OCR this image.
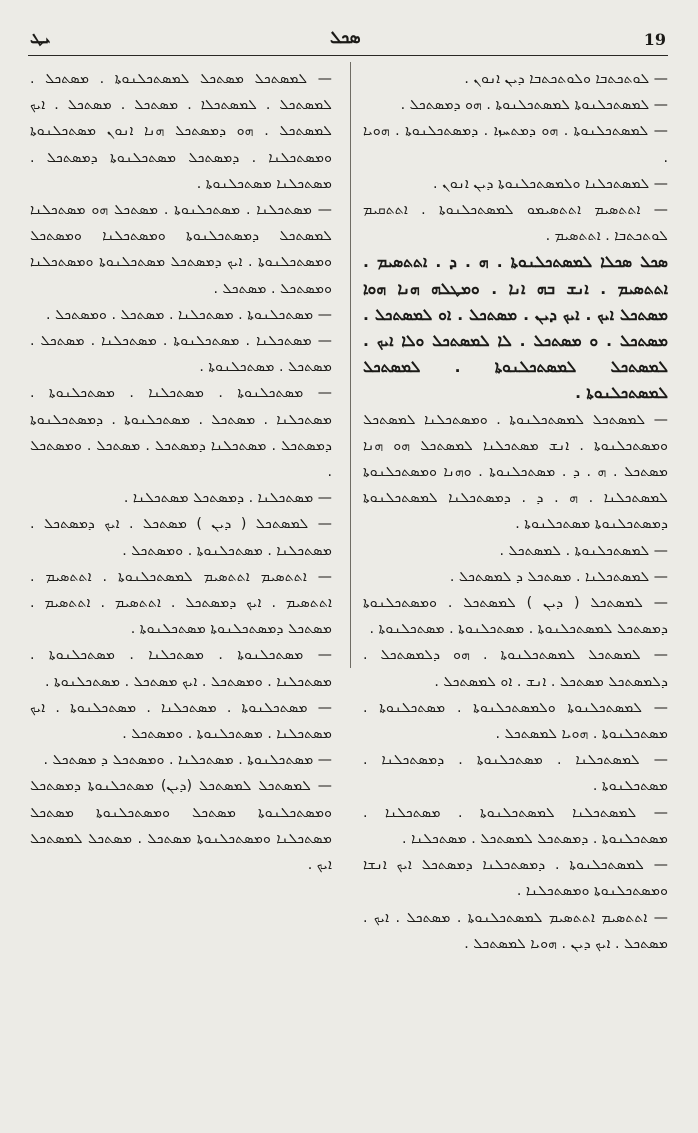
ܝܛ	ܣܟܠ	19

— ܠܘܬܟܬܒܐ ܘܠܘܬܟܬܒܐ ܕܝܢ ܐܢܘܢ .

— ܠܡܣܬܟܠܢܘܬܐ ܠܡܣܬܟܠܢܘܬܐ . ܗܘ ܕܡܣܬܟܠ .

— ܠܡܣܬܟܠܢܘܬܐ . ܗܘ ܕܡܬܚܙܐ . ܕܡܣܬܟܠܢܘܬܐ . ܗܘܝܐ .

— ܠܡܣܬܟܠܢܐ ܘܠܡܣܬܟܠܢܘܬܐ ܕܝܢ ܐܢܘܢ .

— ܐܬܬܣܝܡ ܐܬܬܣܝܡܘ ܠܡܣܬܟܠܢܘܬܐ . ܐܬܬܩܝܡ ܠܘܬܟܬܒܐ . ܐܬܬܣܝܡ .

ܣܟܠ ܣܟܠܐ ܠܡܣܬܟܠܢܘܬܐ . ܗ . ܕ . ܐܬܬܣܝܡ . ܐܬܬܣܝܡ . ܐܢܫ ܒܗ ܐܢܐ . ܘܡܛܠܗ ܗܢܐ ܗܘܐ ܡܣܬܟܠ ܐܝܟ . ܐܝܟ ܕܝܢ . ܡܣܬܟܠ . ܐܘ ܠܡܣܬܟܠ . ܡܣܬܟܠ . ܘ ܡܣܬܟܠ . ܠܐ ܠܡܣܬܟܠ ܘܠܐ ܐܝܟ . ܠܡܣܬܟܠ ܠܡܣܬܟܠܢܘܬܐ . ܠܡܣܬܟܠ ܠܡܣܬܟܠܢܘܬܐ .

— ܠܡܣܬܟܠ ܠܡܣܬܟܠܢܘܬܐ . ܘܡܣܬܟܠܢܐ ܠܡܣܬܟܠ ܘܡܣܬܟܠܢܘܬܐ . ܐܢܫ ܡܣܬܟܠܢܐ ܠܡܣܬܟܠ ܗܘ ܗܢܐ ܡܣܬܟܠ . ܗ . ܕ . ܡܣܬܟܠܢܘܬܐ . ܘܗܢܐ ܘܡܣܬܟܠܢܘܬܐ ܠܡܣܬܟܠܢܐ . ܗ . ܕ . ܕܡܣܬܟܠܢܐ ܠܡܣܬܟܠܢܘܬܐ ܕܡܣܬܟܠܢܘܬܐ ܡܣܬܟܠܢܘܬܐ .

— ܠܡܣܬܟܠܢܘܬܐ . ܠܡܣܬܟܠ .

— ܠܡܣܬܟܠܢܐ . ܡܣܬܟܠ ܕ ܠܡܣܬܟܠ .

— ܠܡܣܬܟܠ ( ܕܝܢ ) ܠܡܣܬܟܠ . ܘܡܣܬܟܠܢܘܬܐ ܕܡܣܬܟܠ ܠܡܣܬܟܠܢܘܬܐ . ܡܣܬܟܠܢܘܬܐ . ܡܣܬܟܠܢܘܬܐ .

— ܠܡܣܬܟܠ ܠܡܣܬܟܠܢܘܬܐ . ܗܘ ܕܠܡܣܬܟܠ . ܕܠܡܣܬܟܠ ܡܣܬܟܠ . ܐܢܫ . ܐܘ ܠܡܣܬܟܠ .

— ܠܡܣܬܟܠܢܘܬܐ ܘܠܡܣܬܟܠܢܘܬܐ . ܡܣܬܟܠܢܘܬܐ . ܡܣܬܟܠܢܘܬܐ . ܗܘܝܐ ܠܡܣܬܟܠ .

— ܠܡܣܬܟܠܢܐ . ܡܣܬܟܠܢܘܬܐ . ܕܡܣܬܟܠܢܐ . ܡܣܬܟܠܢܘܬܐ .

— ܠܡܣܬܟܠܢܐ ܠܡܣܬܟܠܢܘܬܐ . ܡܣܬܟܠܢܐ . ܡܣܬܟܠܢܘܬܐ . ܕܡܣܬܟܠ ܠܡܣܬܟܠ . ܡܣܬܟܠܢܐ .

— ܠܡܣܬܟܠܢܘܬܐ . ܕܡܣܬܟܠܢܐ ܕܡܣܬܟܠ ܐܝܟ ܐܢܫܐ ܘܡܣܬܟܠܢܘܬܐ ܘܡܣܬܟܠܢܐ .

— ܐܬܬܣܝܡ ܐܬܬܣܝܡ ܠܡܣܬܟܠܢܘܬܐ . ܡܣܬܟܠ . ܐܝܟ . ܡܣܬܟܠ . ܐܝܟ ܕܝܢ . ܗܘܝܐ ܠܡܣܬܟܠ .

— ܠܡܣܬܟܠ ܡܣܬܟܠ ܠܡܣܬܟܠܢܘܬܐ . ܡܣܬܟܠ . ܠܡܣܬܟܠ . ܠܡܣܬܟܠܐ . ܡܣܬܟܠ . ܡܣܬܟܠ . ܐܝܟ ܠܡܣܬܟܠ . ܗܘ ܕܡܣܬܟܠ ܗܢܐ ܐܢܘܢ ܡܣܬܟܠܢܘܬܐ ܘܡܣܬܟܠܢܐ . ܕܡܣܬܟܠ ܡܣܬܟܠܢܘܬܐ ܕܡܣܬܟܠ . ܡܣܬܟܠܢܐ ܡܣܬܟܠܢܘܬܐ .

— ܡܣܬܟܠܢܐ . ܡܣܬܟܠܢܘܬܐ . ܡܣܬܟܠ ܗܘ ܡܣܬܟܠܢܐ ܠܡܣܬܟܠ ܕܡܣܬܟܠܢܘܬܐ ܘܡܣܬܟܠܢܐ ܘܡܣܬܟܠ ܘܡܣܬܟܠܢܘܬܐ . ܐܝܟ ܕܡܣܬܟܠ ܡܣܬܟܠܢܘܬܐ ܘܡܣܬܟܠܢܐ ܘܡܣܬܟܠ . ܡܣܬܟܠ .

— ܡܣܬܟܠܢܘܬܐ . ܡܣܬܟܠܢܐ . ܡܣܬܟܠ . ܘܡܣܬܟܠ .

— ܡܣܬܟܠܢܐ . ܡܣܬܟܠܢܘܬܐ . ܡܣܬܟܠܢܐ . ܡܣܬܟܠ . ܡܣܬܟܠ . ܡܣܬܟܠܢܘܬܐ .

— ܡܣܬܟܠܢܘܬܐ . ܡܣܬܟܠܢܐ . ܡܣܬܟܠܢܘܬܐ . ܡܣܬܟܠܢܐ . ܡܣܬܟܠ . ܡܣܬܟܠܢܘܬܐ . ܕܡܣܬܟܠܢܘܬܐ ܕܡܣܬܟܠ . ܡܣܬܟܠܢܐ ܕܡܣܬܟܠ . ܡܣܬܟܠ . ܘܡܣܬܟܠ .

— ܡܣܬܟܠܢܐ . ܕܡܣܬܟܠ ܡܣܬܟܠܢܐ .

— ܠܡܣܬܟܠ ( ܕܝܢ ) ܡܣܬܟܠ . ܐܝܟ ܕܡܣܬܟܠ . ܡܣܬܟܠܢܐ . ܡܣܬܟܠܢܘܬܐ . ܘܡܣܬܟܠ .

— ܐܬܬܣܝܡ ܐܬܬܣܝܡ ܠܡܣܬܟܠܢܘܬܐ . ܐܬܬܣܝܡ . ܐܬܬܣܝܡ . ܐܝܟ ܕܡܣܬܟܠ . ܐܬܬܣܝܡ . ܐܬܬܣܝܡ . ܡܣܬܟܠ ܕܡܣܬܟܠܢܘܬܐ ܡܣܬܟܠܢܘܬܐ .

— ܡܣܬܟܠܢܘܬܐ . ܡܣܬܟܠܢܐ . ܡܣܬܟܠܢܘܬܐ . ܡܣܬܟܠܢܐ . ܘܡܣܬܟܠ . ܐܝܟ ܡܣܬܟܠ . ܡܣܬܟܠܢܘܬܐ .

— ܡܣܬܟܠܢܘܬܐ . ܡܣܬܟܠܢܐ . ܡܣܬܟܠܢܘܬܐ . ܐܝܟ ܡܣܬܟܠܢܐ . ܡܣܬܟܠܢܘܬܐ . ܘܡܣܬܟܠ .

— ܡܣܬܟܠܢܘܬܐ . ܡܣܬܟܠܢܐ . ܘܡܣܬܟܠ ܕ ܡܣܬܟܠ .

— ܠܡܣܬܟܠ ܠܡܣܬܟܠ (ܕܝܢ) ܡܣܬܟܠܢܘܬܐ ܕܡܣܬܟܠ ܘܡܣܬܟܠܢܘܬܐ ܡܣܬܟܠ ܘܡܣܬܟܠܢܘܬܐ ܡܣܬܟܠ ܡܣܬܟܠܢܐ ܘܡܣܬܟܠܢܘܬܐ ܡܣܬܟܠ . ܡܣܬܟܠ ܠܡܣܬܟܠ ܐܝܟ .
